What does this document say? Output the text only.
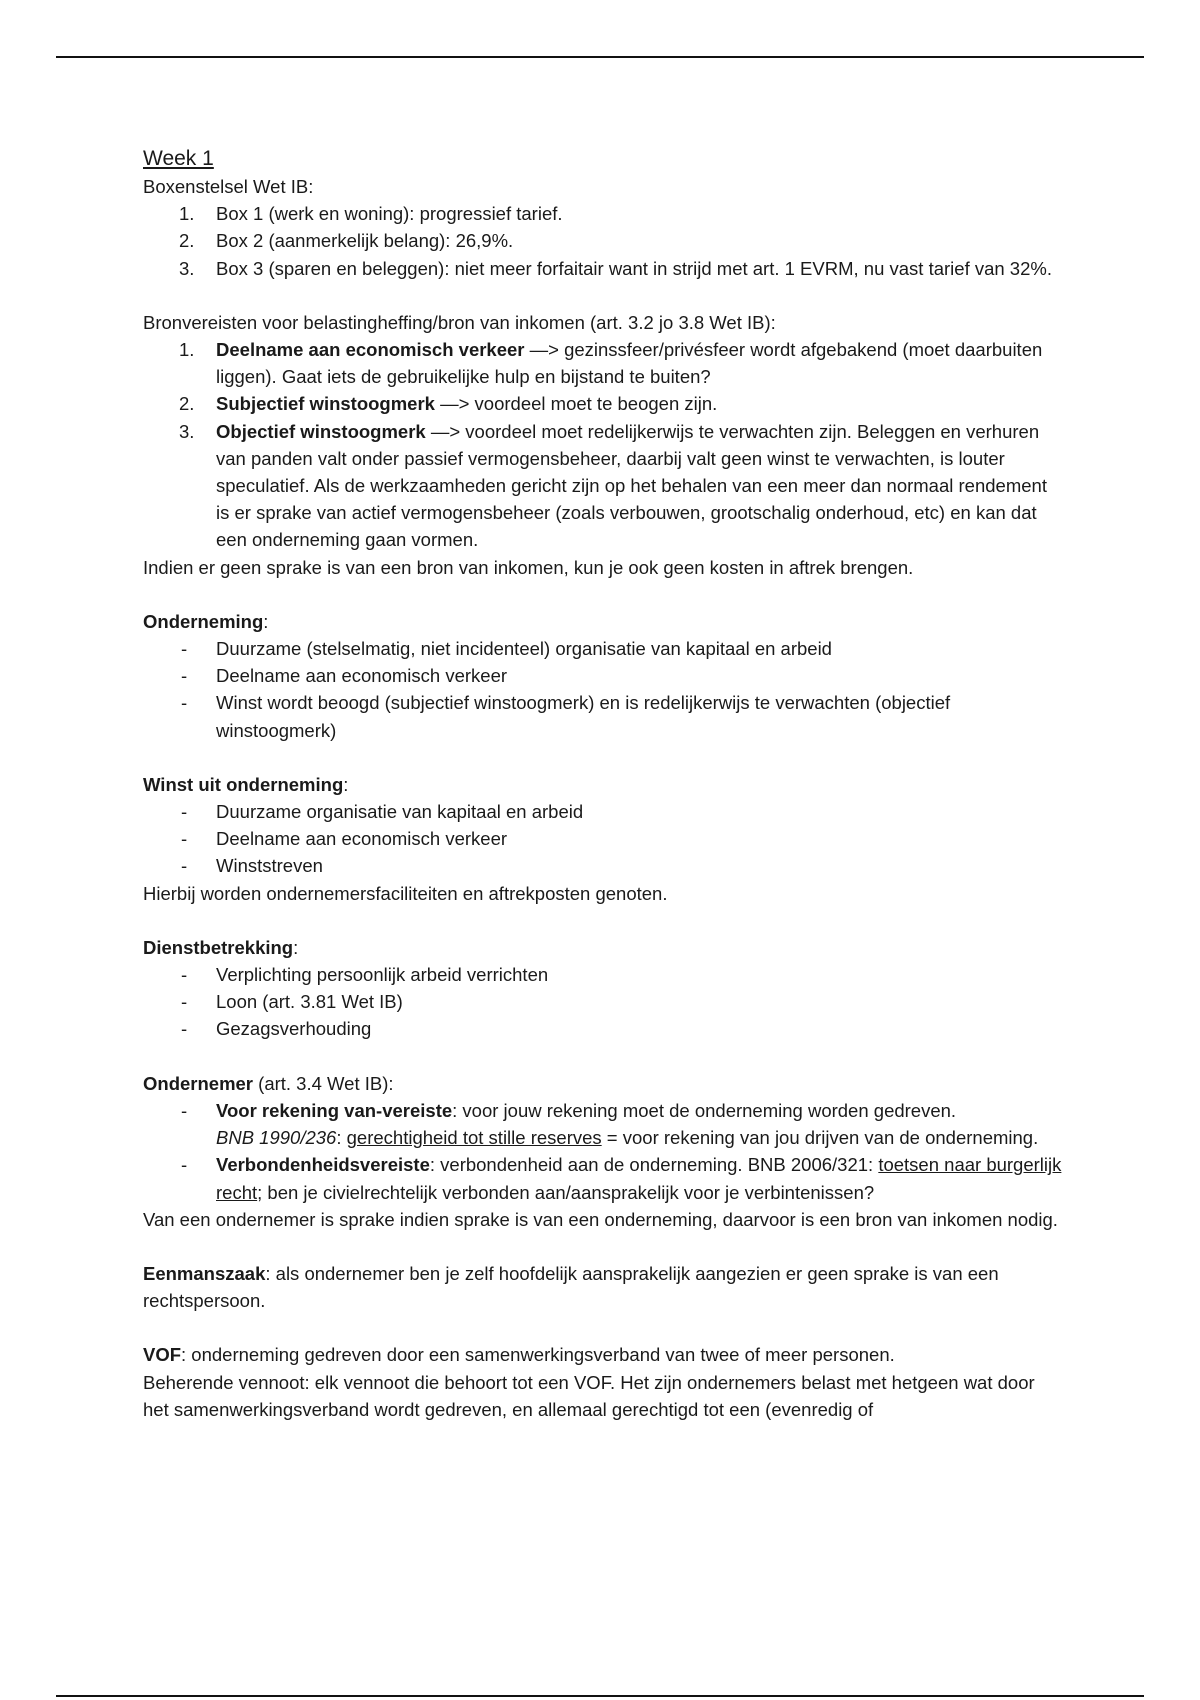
Week 1

Boxenstelsel Wet IB:

1.	Box 1 (werk en woning): progressief tarief.
2.	Box 2 (aanmerkelijk belang): 26,9%.
3.	Box 3 (sparen en beleggen): niet meer forfaitair want in strijd met art. 1 EVRM, nu vast tarief van 32%.

Bronvereisten voor belastingheffing/bron van inkomen (art. 3.2 jo 3.8 Wet IB):

1.	Deelname aan economisch verkeer —> gezinssfeer/privésfeer wordt afgebakend (moet daarbuiten liggen). Gaat iets de gebruikelijke hulp en bijstand te buiten?
2.	Subjectief winstoogmerk —> voordeel moet te beogen zijn.
3.	Objectief winstoogmerk —> voordeel moet redelijkerwijs te verwachten zijn. Beleggen en verhuren van panden valt onder passief vermogensbeheer, daarbij valt geen winst te verwachten, is louter speculatief. Als de werkzaamheden gericht zijn op het behalen van een meer dan normaal rendement is er sprake van actief vermogensbeheer (zoals verbouwen, grootschalig onderhoud, etc) en kan dat een onderneming gaan vormen.

Indien er geen sprake is van een bron van inkomen, kun je ook geen kosten in aftrek brengen.

Onderneming:

-	Duurzame (stelselmatig, niet incidenteel) organisatie van kapitaal en arbeid
-	Deelname aan economisch verkeer
-	Winst wordt beoogd (subjectief winstoogmerk) en is redelijkerwijs te verwachten (objectief winstoogmerk)

Winst uit onderneming:

-	Duurzame organisatie van kapitaal en arbeid
-	Deelname aan economisch verkeer
-	Winststreven

Hierbij worden ondernemersfaciliteiten en aftrekposten genoten.

Dienstbetrekking:

-	Verplichting persoonlijk arbeid verrichten
-	Loon (art. 3.81 Wet IB)
-	Gezagsverhouding

Ondernemer (art. 3.4 Wet IB):

-	Voor rekening van-vereiste: voor jouw rekening moet de onderneming worden gedreven.
BNB 1990/236: gerechtigheid tot stille reserves = voor rekening van jou drijven van de onderneming.
-	Verbondenheidsvereiste: verbondenheid aan de onderneming. BNB 2006/321: toetsen naar burgerlijk recht; ben je civielrechtelijk verbonden aan/aansprakelijk voor je verbintenissen?

Van een ondernemer is sprake indien sprake is van een onderneming, daarvoor is een bron van inkomen nodig.

Eenmanszaak: als ondernemer ben je zelf hoofdelijk aansprakelijk aangezien er geen sprake is van een rechtspersoon.

VOF: onderneming gedreven door een samenwerkingsverband van twee of meer personen.

Beherende vennoot: elk vennoot die behoort tot een VOF. Het zijn ondernemers belast met hetgeen wat door het samenwerkingsverband wordt gedreven, en allemaal gerechtigd tot een (evenredig of
